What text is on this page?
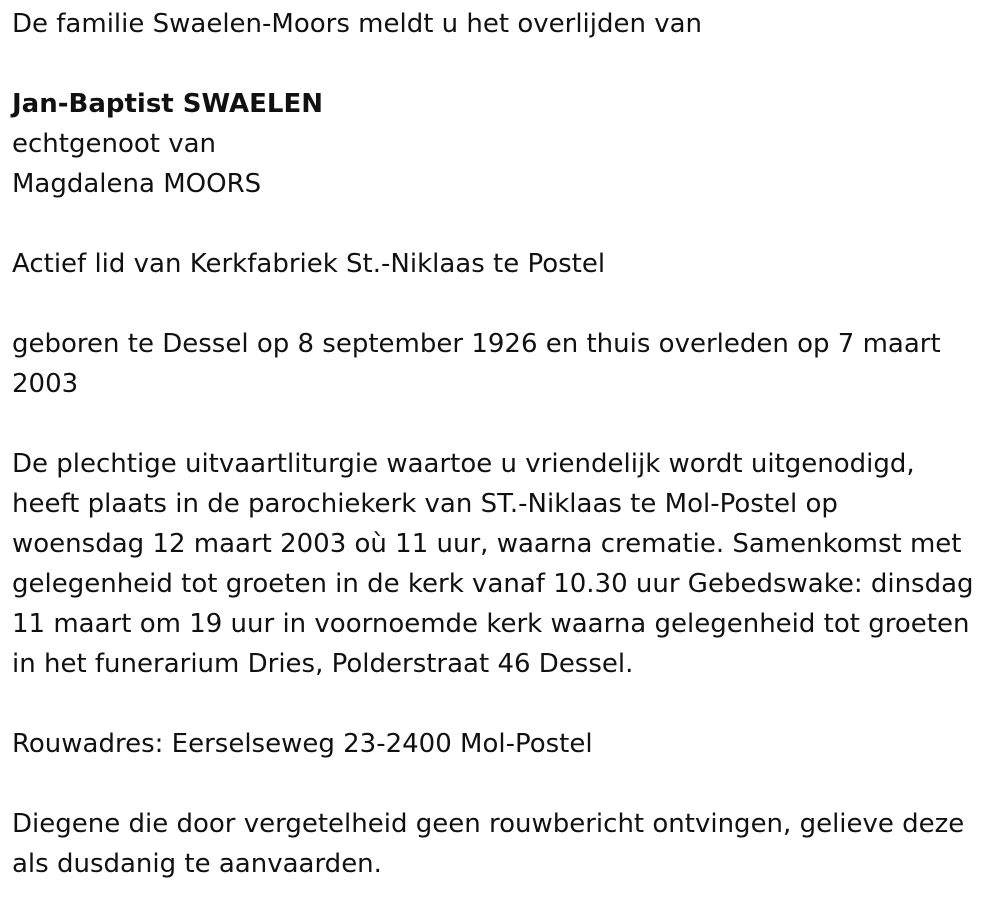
De familie Swaelen-Moors meldt u het overlijden van

Jan-Baptist SWAELEN

echtgenoot van

Magdalena MOORS

Actief lid van Kerkfabriek St.-Niklaas te Postel

geboren te Dessel op 8 september 1926 en thuis overleden op 7 maart

2003

De plechtige uitvaartliturgie waartoe u vriendelijk wordt uitgenodigd,

heeft plaats in de parochiekerk van ST.-Niklaas te Mol-Postel op

woensdag 12 maart 2003 où 11 uur, waarna crematie. Samenkomst met

gelegenheid tot groeten in de kerk vanaf 10.30 uur Gebedswake: dinsdag

11 maart om 19 uur in voornoemde kerk waarna gelegenheid tot groeten

in het funerarium Dries, Polderstraat 46 Dessel.

Rouwadres: Eerselseweg 23-2400 Mol-Postel

Diegene die door vergetelheid geen rouwbericht ontvingen, gelieve deze

als dusdanig te aanvaarden.
